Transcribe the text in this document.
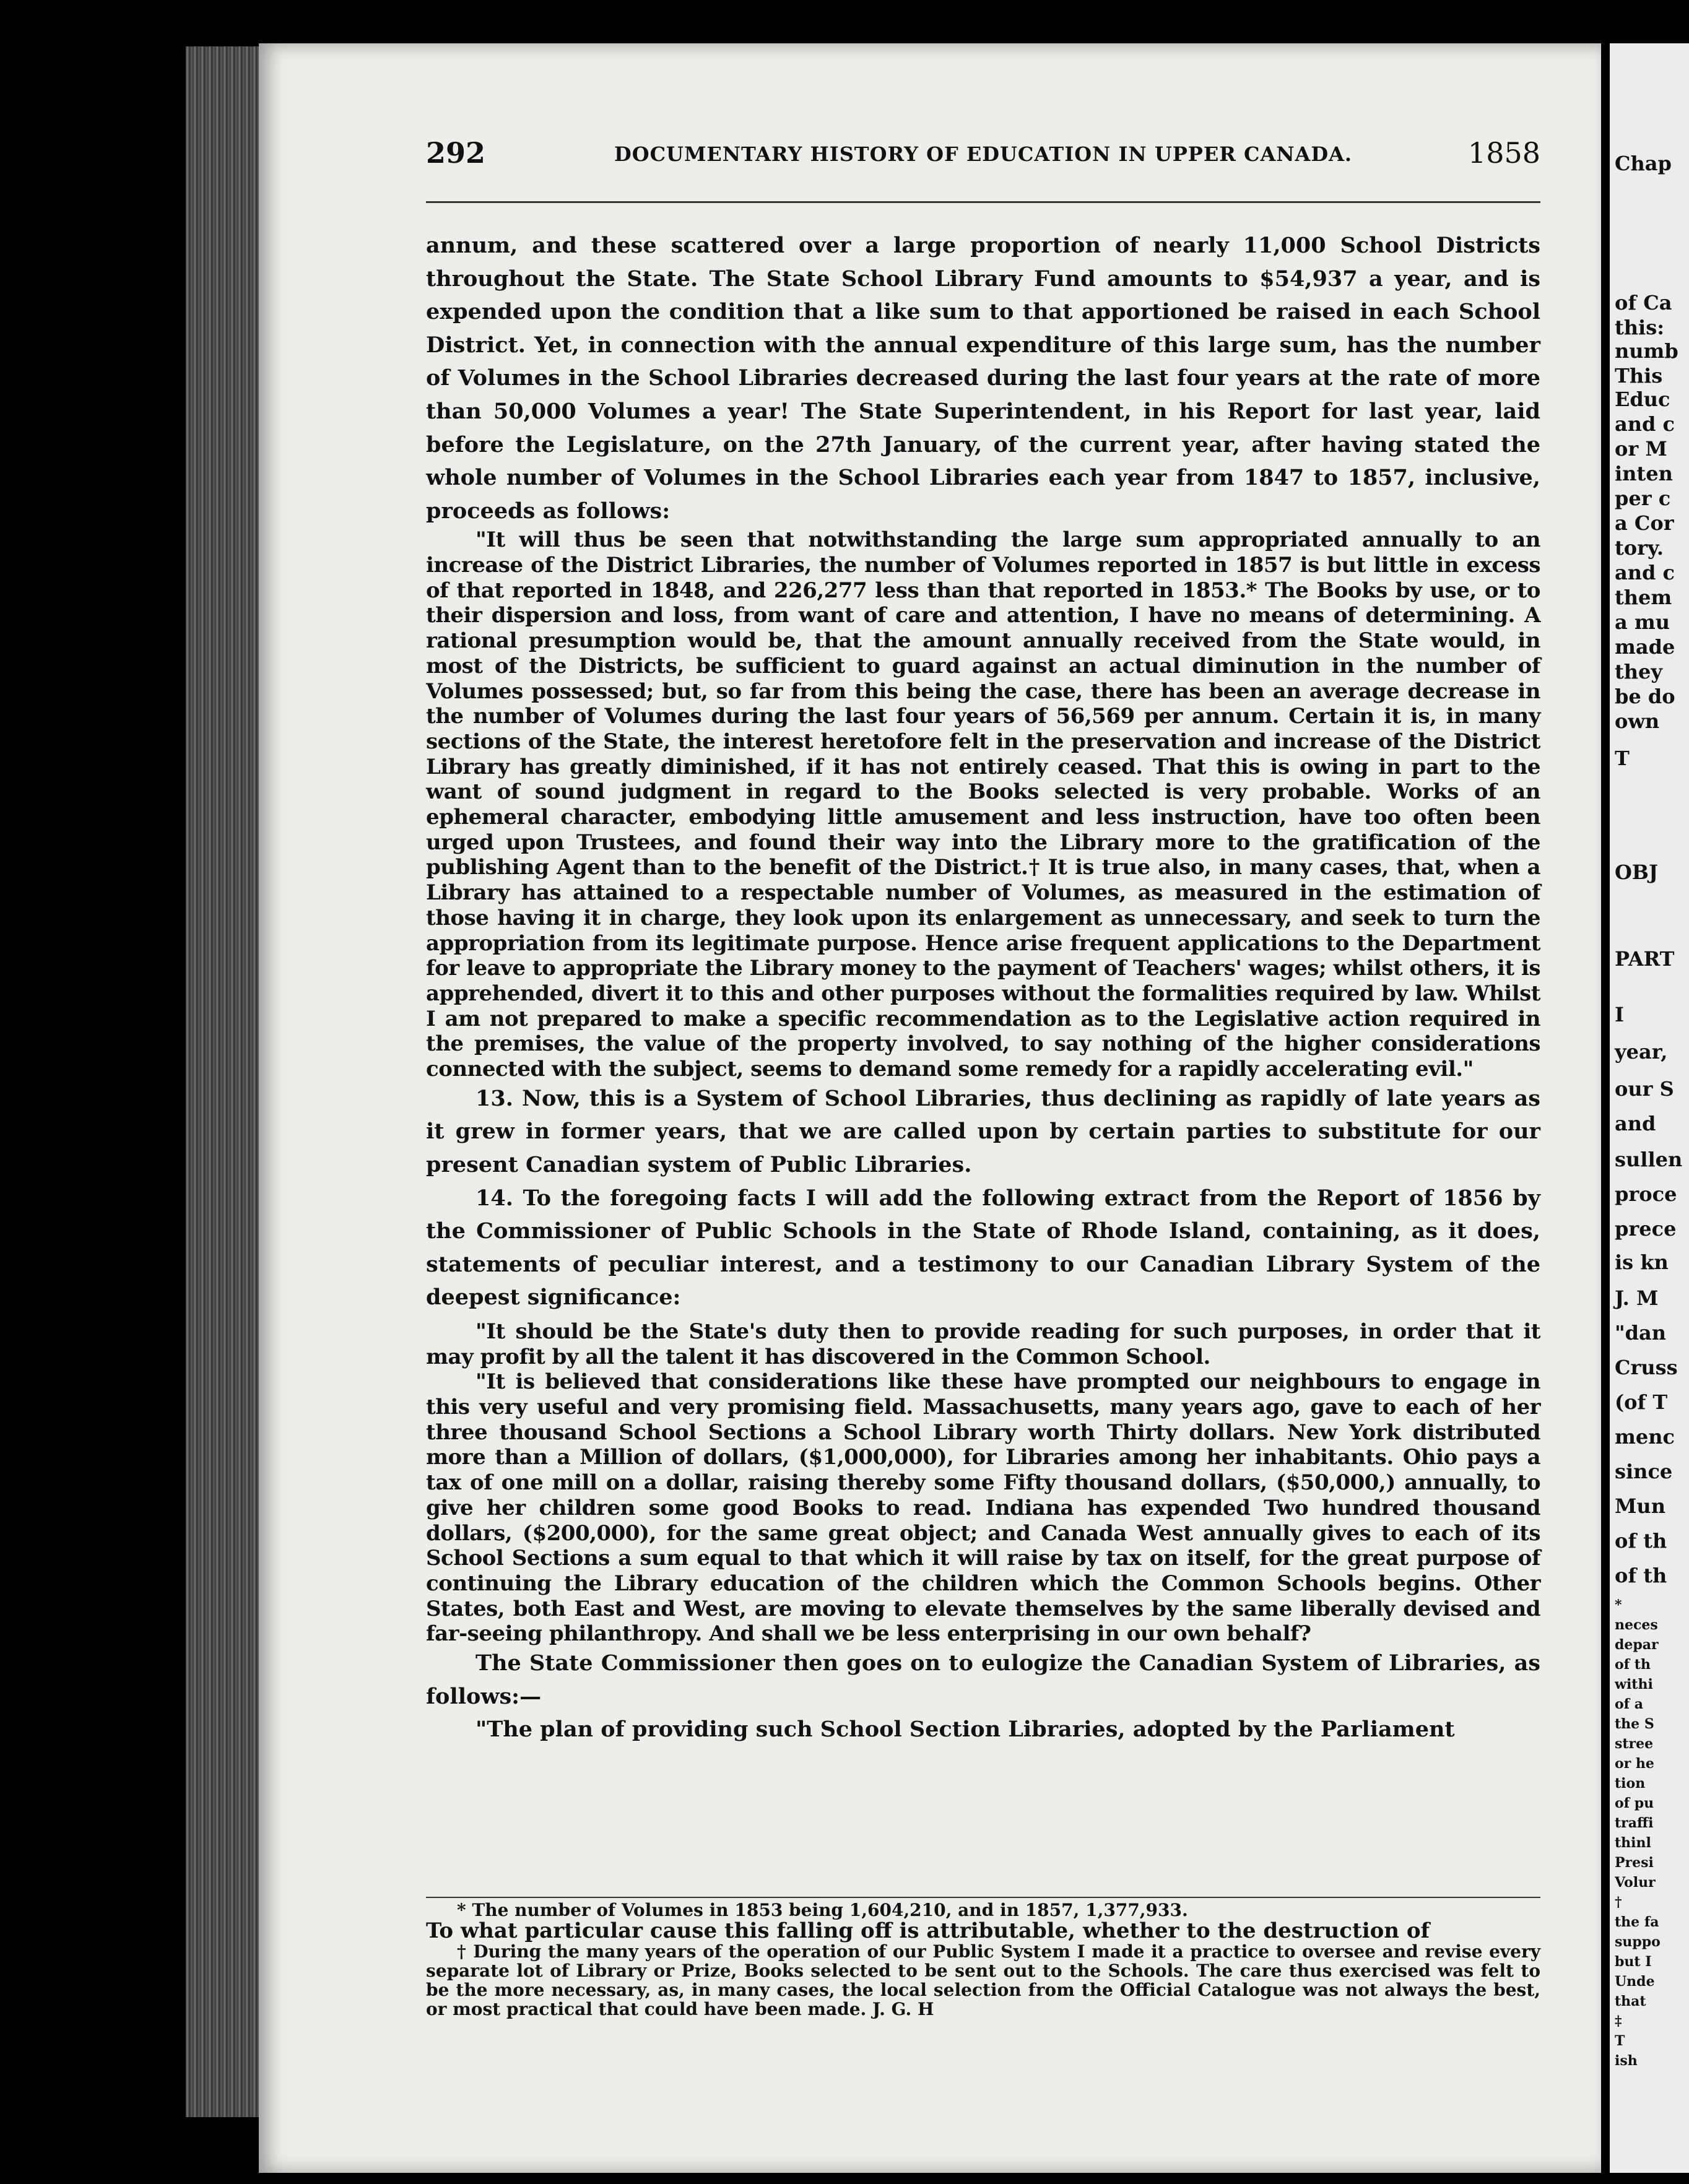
292	DOCUMENTARY HISTORY OF EDUCATION IN UPPER CANADA.	1858

annum, and these scattered over a large proportion of nearly 11,000 School Districts throughout the State. The State School Library Fund amounts to $54,937 a year, and is expended upon the condition that a like sum to that apportioned be raised in each School District. Yet, in connection with the annual expenditure of this large sum, has the number of Volumes in the School Libraries decreased during the last four years at the rate of more than 50,000 Volumes a year! The State Superintendent, in his Report for last year, laid before the Legislature, on the 27th January, of the current year, after having stated the whole number of Volumes in the School Libraries each year from 1847 to 1857, inclusive, proceeds as follows:

"It will thus be seen that notwithstanding the large sum appropriated annually to an increase of the District Libraries, the number of Volumes reported in 1857 is but little in excess of that reported in 1848, and 226,277 less than that reported in 1853.* The Books by use, or to their dispersion and loss, from want of care and attention, I have no means of determining. A rational presumption would be, that the amount annually received from the State would, in most of the Districts, be sufficient to guard against an actual diminution in the number of Volumes possessed; but, so far from this being the case, there has been an average decrease in the number of Volumes during the last four years of 56,569 per annum. Certain it is, in many sections of the State, the interest heretofore felt in the preservation and increase of the District Library has greatly diminished, if it has not entirely ceased. That this is owing in part to the want of sound judgment in regard to the Books selected is very probable. Works of an ephemeral character, embodying little amusement and less instruction, have too often been urged upon Trustees, and found their way into the Library more to the gratification of the publishing Agent than to the benefit of the District.† It is true also, in many cases, that, when a Library has attained to a respectable number of Volumes, as measured in the estimation of those having it in charge, they look upon its enlargement as unnecessary, and seek to turn the appropriation from its legitimate purpose. Hence arise frequent applications to the Department for leave to appropriate the Library money to the payment of Teachers' wages; whilst others, it is apprehended, divert it to this and other purposes without the formalities required by law. Whilst I am not prepared to make a specific recommendation as to the Legislative action required in the premises, the value of the property involved, to say nothing of the higher considerations connected with the subject, seems to demand some remedy for a rapidly accelerating evil."

13. Now, this is a System of School Libraries, thus declining as rapidly of late years as it grew in former years, that we are called upon by certain parties to substitute for our present Canadian system of Public Libraries.

14. To the foregoing facts I will add the following extract from the Report of 1856 by the Commissioner of Public Schools in the State of Rhode Island, containing, as it does, statements of peculiar interest, and a testimony to our Canadian Library System of the deepest significance:

"It should be the State's duty then to provide reading for such purposes, in order that it may profit by all the talent it has discovered in the Common School.

"It is believed that considerations like these have prompted our neighbours to engage in this very useful and very promising field. Massachusetts, many years ago, gave to each of her three thousand School Sections a School Library worth Thirty dollars. New York distributed more than a Million of dollars, ($1,000,000), for Libraries among her inhabitants. Ohio pays a tax of one mill on a dollar, raising thereby some Fifty thousand dollars, ($50,000,) annually, to give her children some good Books to read. Indiana has expended Two hundred thousand dollars, ($200,000), for the same great object; and Canada West annually gives to each of its School Sections a sum equal to that which it will raise by tax on itself, for the great purpose of continuing the Library education of the children which the Common Schools begins. Other States, both East and West, are moving to elevate themselves by the same liberally devised and far-seeing philanthropy. And shall we be less enterprising in our own behalf?

The State Commissioner then goes on to eulogize the Canadian System of Libraries, as follows:—

"The plan of providing such School Section Libraries, adopted by the Parliament

* The number of Volumes in 1853 being 1,604,210, and in 1857, 1,377,933.

To what particular cause this falling off is attributable, whether to the destruction of

† During the many years of the operation of our Public System I made it a practice to oversee and revise every separate lot of Library or Prize, Books selected to be sent out to the Schools. The care thus exercised was felt to be the more necessary, as, in many cases, the local selection from the Official Catalogue was not always the best, or most practical that could have been made. J. G. H

Chap
of Ca
this:
numb
This
Educ
and c
or M
inten
per c
a Cor
tory.
and c
them
a mu
made
they
be do
own
T
OBJ
PART
I
year,
our S
and
sullen
proce
prece
is kn
J. M
"dan
Cruss
(of T
menc
since
Mun
of th
of th
*
neces
depar
of th
withi
of a
the S
stree
or he
tion
of pu
traffi
thinl
Presi
Volur
†
the fa
suppo
but I
Unde
that
‡
T
ish
